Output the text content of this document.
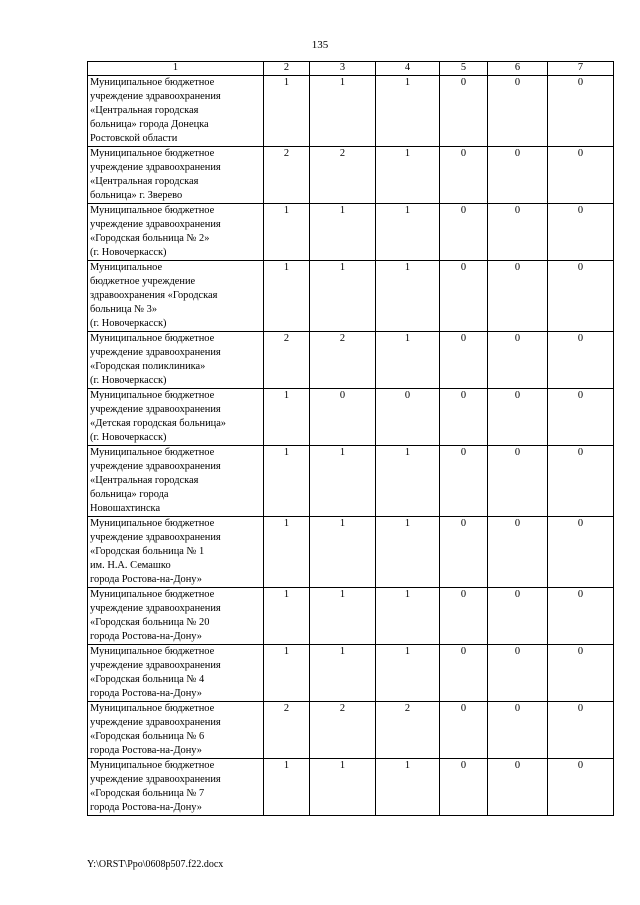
135
1	2	3	4	5	6	7
Муниципальное бюджетное
учреждение здравоохранения
«Центральная городская
больница» города Донецка
Ростовской области	1	1	1	0	0	0
Муниципальное бюджетное
учреждение здравоохранения
«Центральная городская
больница» г. Зверево	2	2	1	0	0	0
Муниципальное бюджетное
учреждение здравоохранения
«Городская больница № 2»
(г. Новочеркасск)	1	1	1	0	0	0
Муниципальное
бюджетное учреждение
здравоохранения «Городская
больница № 3»
(г. Новочеркасск)	1	1	1	0	0	0
Муниципальное бюджетное
учреждение здравоохранения
«Городская поликлиника»
(г. Новочеркасск)	2	2	1	0	0	0
Муниципальное бюджетное
учреждение здравоохранения
«Детская городская больница»
(г. Новочеркасск)	1	0	0	0	0	0
Муниципальное бюджетное
учреждение здравоохранения
«Центральная городская
больница» города
Новошахтинска	1	1	1	0	0	0
Муниципальное бюджетное
учреждение здравоохранения
«Городская больница № 1
им. Н.А. Семашко
города Ростова-на-Дону»	1	1	1	0	0	0
Муниципальное бюджетное
учреждение здравоохранения
«Городская больница № 20
города Ростова-на-Дону»	1	1	1	0	0	0
Муниципальное бюджетное
учреждение здравоохранения
«Городская больница № 4
города Ростова-на-Дону»	1	1	1	0	0	0
Муниципальное бюджетное
учреждение здравоохранения
«Городская больница № 6
города Ростова-на-Дону»	2	2	2	0	0	0
Муниципальное бюджетное
учреждение здравоохранения
«Городская больница № 7
города Ростова-на-Дону»	1	1	1	0	0	0
Y:\ORST\Ppo\0608p507.f22.docx
